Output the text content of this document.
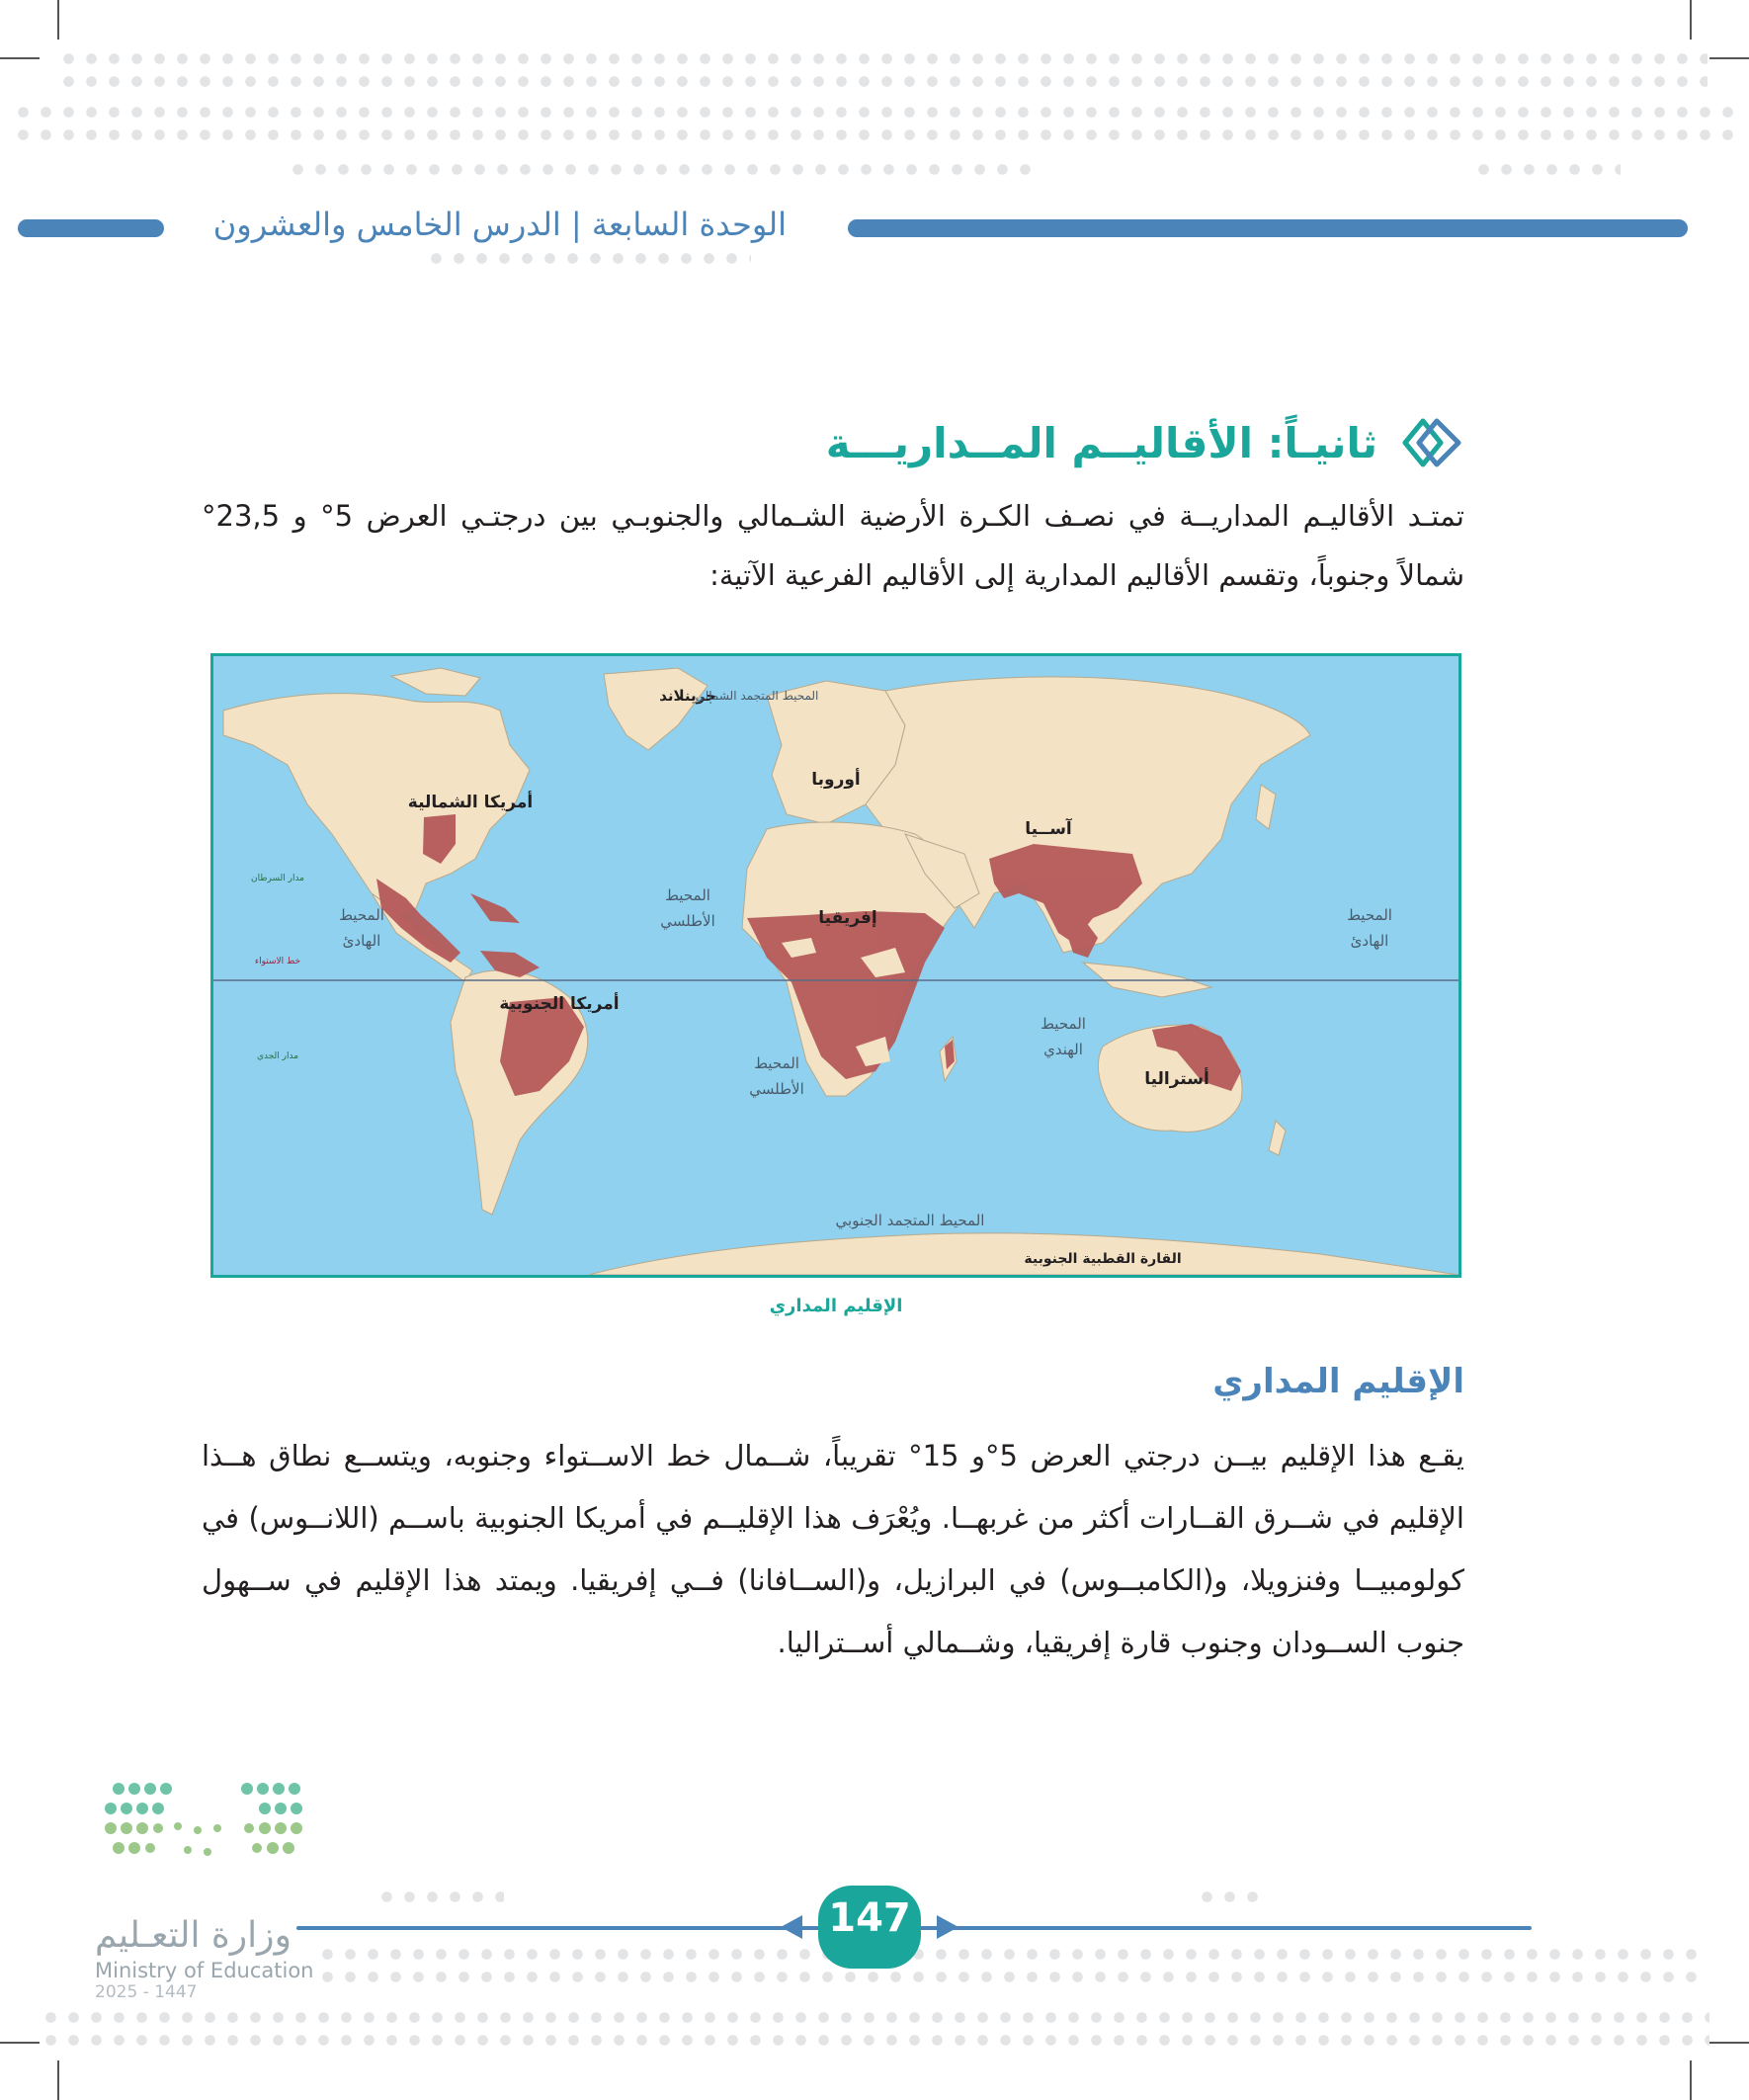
الوحدة السابعة | الدرس الخامس والعشرون
ثانيـاً: الأقاليــم المــداريـــة
تمتـد الأقاليـم المداريــة في نصـف الكـرة الأرضية الشـمالي والجنوبـي بين درجتـي العرض 5° و 23,5° شمالاً وجنوباً، وتقسم الأقاليم المدارية إلى الأقاليم الفرعية الآتية:
جرينلاند
أمريكا الشمالية
أوروبا
آســيا
إفريقيا
أمريكا الجنوبية
أستراليا
القارة القطبية الجنوبية
المحيط المتجمد الشمالي
المحيط
الهادئ
المحيط
الأطلسي
المحيط
الأطلسي
المحيط
الهندي
المحيط
الهادئ
المحيط المتجمد الجنوبي
مدار السرطان
خط الاستواء
مدار الجدي
الإقليم المداري
الإقليم المداري
يقـع هذا الإقليم بيــن درجتي العرض 5°و 15° تقريباً، شــمال خط الاســتواء وجنوبه، ويتســع نطاق هــذا الإقليم في شــرق القــارات أكثر من غربهــا. ويُعْرَف هذا الإقليــم في أمريكا الجنوبية باســم (اللانــوس) في كولومبيــا وفنزويلا، و(الكامبــوس) في البرازيل، و(الســافانا) فــي إفريقيا. ويمتد هذا الإقليم في ســهول جنوب الســودان وجنوب قارة إفريقيا، وشــمالي أســتراليا.
147
وزارة التعـليم
Ministry of Education
2025 - 1447
